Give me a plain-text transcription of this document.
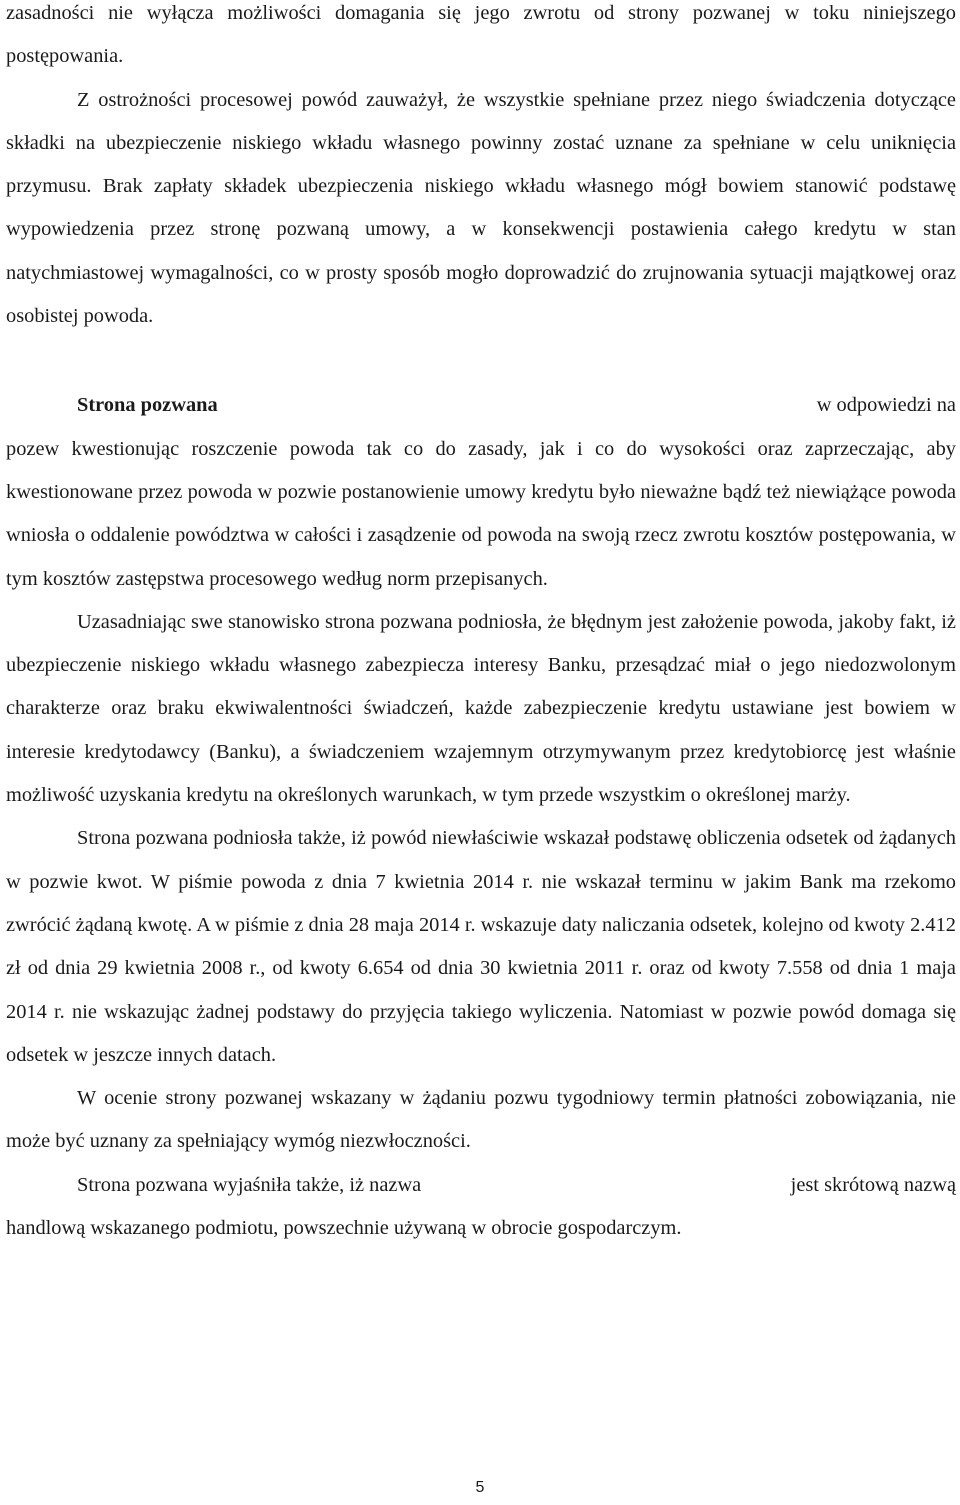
zasadności nie wyłącza możliwości domagania się jego zwrotu od strony pozwanej w toku niniejszego postępowania.

Z ostrożności procesowej powód zauważył, że wszystkie spełniane przez niego świadczenia dotyczące składki na ubezpieczenie niskiego wkładu własnego powinny zostać uznane za spełniane w celu uniknięcia przymusu. Brak zapłaty składek ubezpieczenia niskiego wkładu własnego mógł bowiem stanowić podstawę wypowiedzenia przez stronę pozwaną umowy, a w konsekwencji postawienia całego kredytu w stan natychmiastowej wymagalności, co w prosty sposób mogło doprowadzić do zrujnowania sytuacji majątkowej oraz osobistej powoda.

Strona pozwana	w odpowiedzi na

pozew kwestionując roszczenie powoda tak co do zasady, jak i co do wysokości oraz zaprzeczając, aby kwestionowane przez powoda w pozwie postanowienie umowy kredytu było nieważne bądź też niewiążące powoda wniosła o oddalenie powództwa w całości i zasądzenie od powoda na swoją rzecz zwrotu kosztów postępowania, w tym kosztów zastępstwa procesowego według norm przepisanych.

Uzasadniając swe stanowisko strona pozwana podniosła, że błędnym jest założenie powoda, jakoby fakt, iż ubezpieczenie niskiego wkładu własnego zabezpiecza interesy Banku, przesądzać miał o jego niedozwolonym charakterze oraz braku ekwiwalentności świadczeń, każde zabezpieczenie kredytu ustawiane jest bowiem w interesie kredytodawcy (Banku), a świadczeniem wzajemnym otrzymywanym przez kredytobiorcę jest właśnie możliwość uzyskania kredytu na określonych warunkach, w tym przede wszystkim o określonej marży.

Strona pozwana podniosła także, iż powód niewłaściwie wskazał podstawę obliczenia odsetek od żądanych w pozwie kwot. W piśmie powoda z dnia 7 kwietnia 2014 r. nie wskazał terminu w jakim Bank ma rzekomo zwrócić żądaną kwotę. A w piśmie z dnia 28 maja 2014 r. wskazuje daty naliczania odsetek, kolejno od kwoty 2.412 zł od dnia 29 kwietnia 2008 r., od kwoty 6.654 od dnia 30 kwietnia 2011 r. oraz od kwoty 7.558 od dnia 1 maja 2014 r. nie wskazując żadnej podstawy do przyjęcia takiego wyliczenia. Natomiast w pozwie powód domaga się odsetek w jeszcze innych datach.

W ocenie strony pozwanej wskazany w żądaniu pozwu tygodniowy termin płatności zobowiązania, nie może być uznany za spełniający wymóg niezwłoczności.

Strona pozwana wyjaśniła także, iż nazwa	jest skrótową nazwą

handlową wskazanego podmiotu, powszechnie używaną w obrocie gospodarczym.

5
